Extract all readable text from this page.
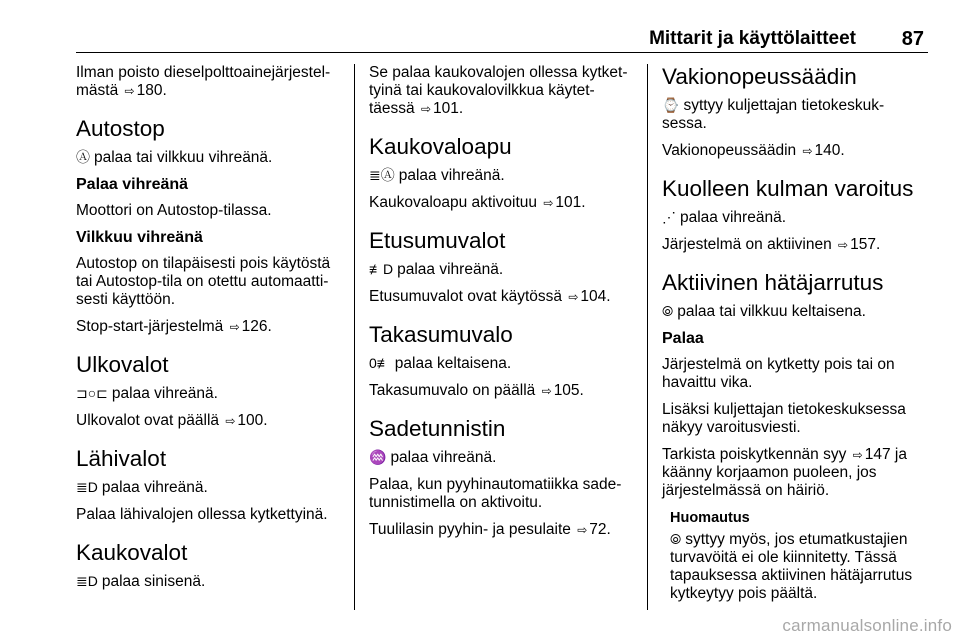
Mittarit ja käyttölaitteet 87

Ilman poisto dieselpolttoainejärjestel-mästä ⇨ 180.

Autostop

Ⓐ palaa tai vilkkuu vihreänä.

Palaa vihreänä

Moottori on Autostop-tilassa.

Vilkkuu vihreänä

Autostop on tilapäisesti pois käytöstä tai Autostop-tila on otettu automaatti-sesti käyttöön.

Stop-start-järjestelmä ⇨ 126.

Ulkovalot

⊐○⊏ palaa vihreänä.

Ulkovalot ovat päällä ⇨ 100.

Lähivalot

≣D palaa vihreänä.

Palaa lähivalojen ollessa kytkettyinä.

Kaukovalot

≣D palaa sinisenä.

Se palaa kaukovalojen ollessa kytket-tyinä tai kaukovalovilkkua käytet-täessä ⇨ 101.

Kaukovaloapu

≣Ⓐ palaa vihreänä.

Kaukovaloapu aktivoituu ⇨ 101.

Etusumuvalot

≢D palaa vihreänä.

Etusumuvalot ovat käytössä ⇨ 104.

Takasumuvalo

0≢ palaa keltaisena.

Takasumuvalo on päällä ⇨ 105.

Sadetunnistin

♒ palaa vihreänä.

Palaa, kun pyyhinautomatiikka sade-tunnistimella on aktivoitu.

Tuulilasin pyyhin- ja pesulaite ⇨ 72.

Vakionopeussäädin

⌚ syttyy kuljettajan tietokeskuk-sessa.

Vakionopeussäädin ⇨ 140.

Kuolleen kulman varoitus

⋰ palaa vihreänä.

Järjestelmä on aktiivinen ⇨ 157.

Aktiivinen hätäjarrutus

⦾ palaa tai vilkkuu keltaisena.

Palaa

Järjestelmä on kytketty pois tai on havaittu vika.

Lisäksi kuljettajan tietokeskuksessa näkyy varoitusviesti.

Tarkista poiskytkennän syy ⇨ 147 ja käänny korjaamon puoleen, jos järjestelmässä on häiriö.

Huomautus

⦾ syttyy myös, jos etumatkustajien turvavöitä ei ole kiinnitetty. Tässä tapauksessa aktiivinen hätäjarrutus kytkeytyy pois päältä.

carmanualsonline.info
